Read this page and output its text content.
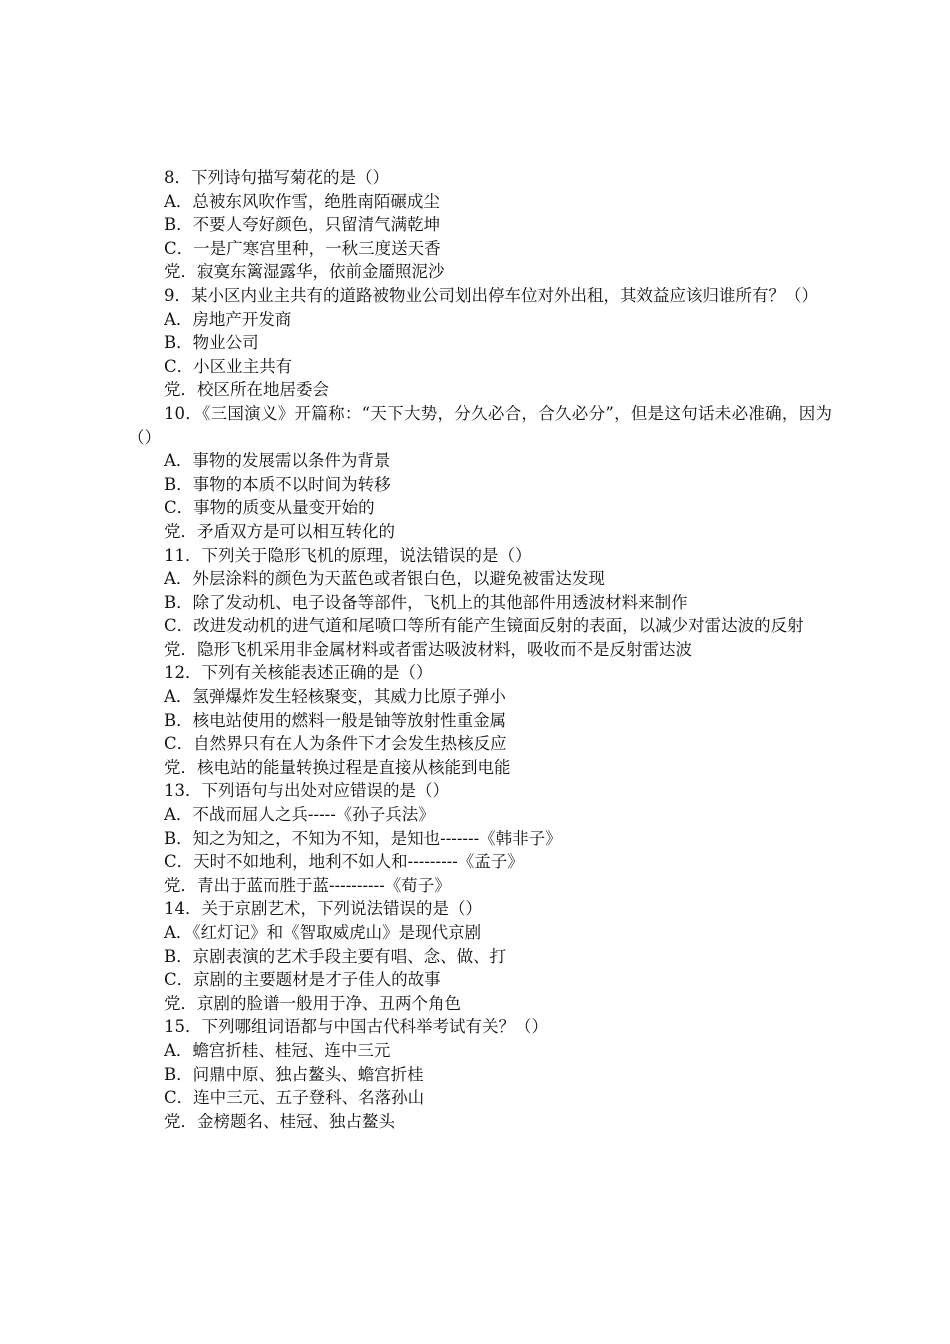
8．下列诗句描写菊花的是（）

A．总被东风吹作雪，绝胜南陌碾成尘
B．不要人夸好颜色，只留清气满乾坤
C．一是广寒宫里种，一秋三度送天香
党．寂寞东篱湿露华，依前金靥照泥沙

9．某小区内业主共有的道路被物业公司划出停车位对外出租，其效益应该归谁所有？（）

A．房地产开发商
B．物业公司
C．小区业主共有
党．校区所在地居委会

10．《三国演义》开篇称：“天下大势，分久必合，合久必分”，但是这句话未必准确，因为（）

A．事物的发展需以条件为背景
B．事物的本质不以时间为转移
C．事物的质变从量变开始的
党．矛盾双方是可以相互转化的

11．下列关于隐形飞机的原理，说法错误的是（）

A．外层涂料的颜色为天蓝色或者银白色，以避免被雷达发现
B．除了发动机、电子设备等部件，飞机上的其他部件用透波材料来制作
C．改进发动机的进气道和尾喷口等所有能产生镜面反射的表面，以减少对雷达波的反射
党．隐形飞机采用非金属材料或者雷达吸波材料，吸收而不是反射雷达波

12．下列有关核能表述正确的是（）

A．氢弹爆炸发生轻核聚变，其威力比原子弹小
B．核电站使用的燃料一般是铀等放射性重金属
C．自然界只有在人为条件下才会发生热核反应
党．核电站的能量转换过程是直接从核能到电能

13．下列语句与出处对应错误的是（）

A．不战而屈人之兵-----《孙子兵法》
B．知之为知之，不知为不知，是知也-------《韩非子》
C．天时不如地利，地利不如人和---------《孟子》
党．青出于蓝而胜于蓝----------《荀子》

14．关于京剧艺术，下列说法错误的是（）

A．《红灯记》和《智取威虎山》是现代京剧
B．京剧表演的艺术手段主要有唱、念、做、打
C．京剧的主要题材是才子佳人的故事
党．京剧的脸谱一般用于净、丑两个角色

15．下列哪组词语都与中国古代科举考试有关？（）

A．蟾宫折桂、桂冠、连中三元
B．问鼎中原、独占鳌头、蟾宫折桂
C．连中三元、五子登科、名落孙山
党．金榜题名、桂冠、独占鳌头
